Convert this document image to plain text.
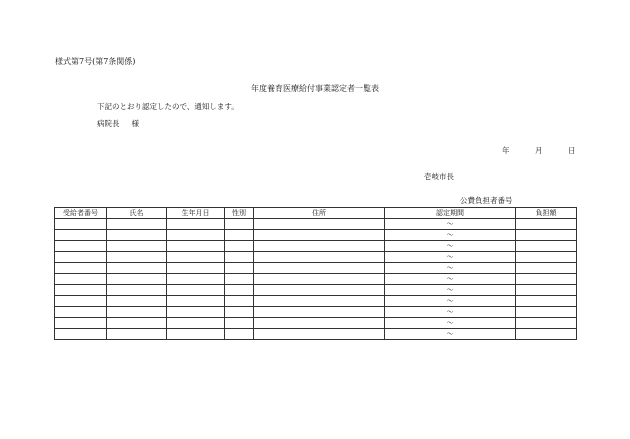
様式第7号(第7条関係)
年度養育医療給付事業認定者一覧表
下記のとおり認定したので、通知します。
病院長 様
年	月	日
壱岐市長
公費負担者番号
受給者番号	氏名	生年月日	性別	住所	認定期間	負担額
					～	
					～	
					～	
					～	
					～	
					～	
					～	
					～	
					～	
					～	
					～	
